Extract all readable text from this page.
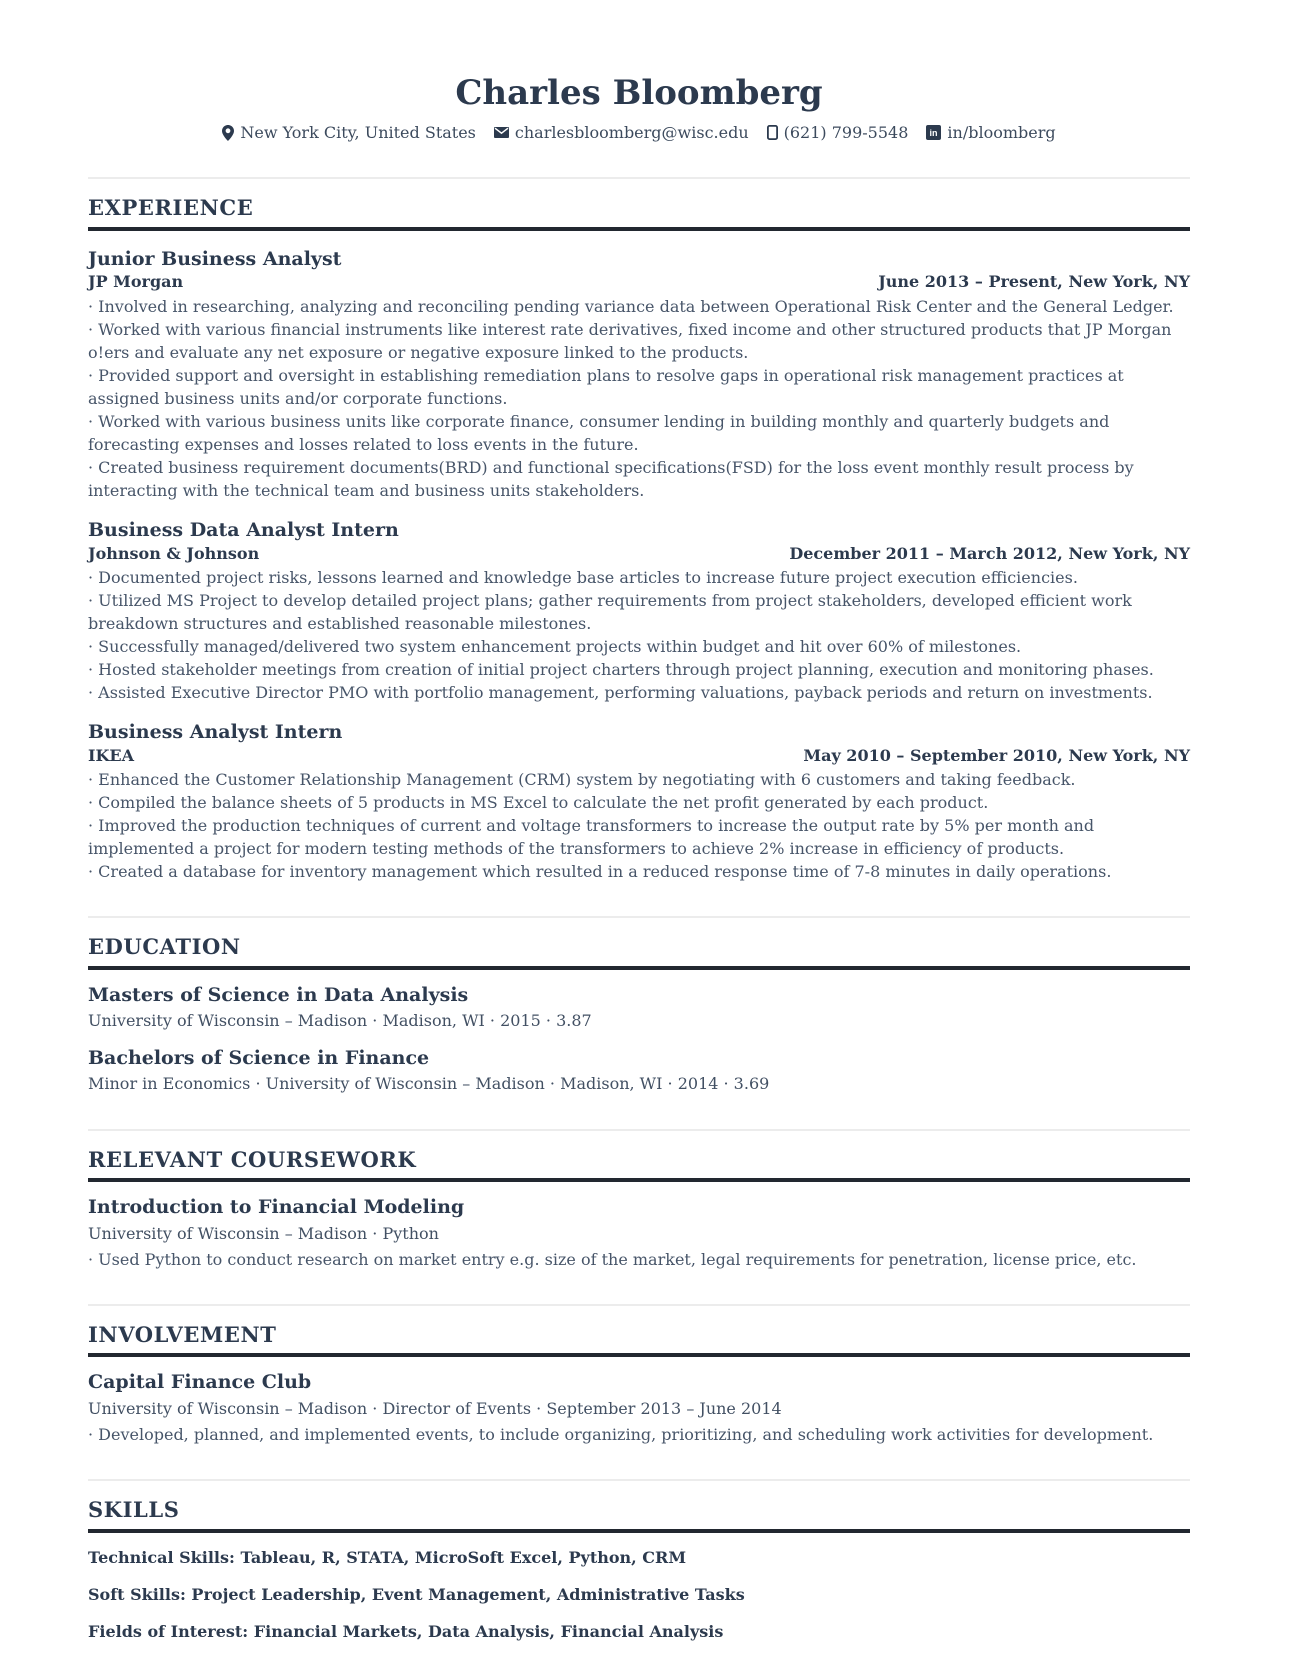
Charles Bloomberg
New York City, United States charlesbloomberg@wisc.edu (621) 799-5548 in in/bloomberg
EXPERIENCE
Junior Business Analyst
JP Morgan	June 2013 – Present, New York, NY

· Involved in researching, analyzing and reconciling pending variance data between Operational Risk Center and the General Ledger.

· Worked with various financial instruments like interest rate derivatives, fixed income and other structured products that JP Morgan o!ers and evaluate any net exposure or negative exposure linked to the products.

· Provided support and oversight in establishing remediation plans to resolve gaps in operational risk management practices at assigned business units and/or corporate functions.

· Worked with various business units like corporate finance, consumer lending in building monthly and quarterly budgets and forecasting expenses and losses related to loss events in the future.

· Created business requirement documents(BRD) and functional specifications(FSD) for the loss event monthly result process by interacting with the technical team and business units stakeholders.

Business Data Analyst Intern
Johnson & Johnson	December 2011 – March 2012, New York, NY

· Documented project risks, lessons learned and knowledge base articles to increase future project execution efficiencies.

· Utilized MS Project to develop detailed project plans; gather requirements from project stakeholders, developed efficient work breakdown structures and established reasonable milestones.

· Successfully managed/delivered two system enhancement projects within budget and hit over 60% of milestones.

· Hosted stakeholder meetings from creation of initial project charters through project planning, execution and monitoring phases.

· Assisted Executive Director PMO with portfolio management, performing valuations, payback periods and return on investments.

Business Analyst Intern
IKEA	May 2010 – September 2010, New York, NY

· Enhanced the Customer Relationship Management (CRM) system by negotiating with 6 customers and taking feedback.

· Compiled the balance sheets of 5 products in MS Excel to calculate the net profit generated by each product.

· Improved the production techniques of current and voltage transformers to increase the output rate by 5% per month and implemented a project for modern testing methods of the transformers to achieve 2% increase in efficiency of products.

· Created a database for inventory management which resulted in a reduced response time of 7-8 minutes in daily operations.

EDUCATION
Masters of Science in Data Analysis
University of Wisconsin – Madison · Madison, WI · 2015 · 3.87
Bachelors of Science in Finance
Minor in Economics · University of Wisconsin – Madison · Madison, WI · 2014 · 3.69
RELEVANT COURSEWORK
Introduction to Financial Modeling
University of Wisconsin – Madison · Python

· Used Python to conduct research on market entry e.g. size of the market, legal requirements for penetration, license price, etc.

INVOLVEMENT
Capital Finance Club
University of Wisconsin – Madison · Director of Events · September 2013 – June 2014

· Developed, planned, and implemented events, to include organizing, prioritizing, and scheduling work activities for development.

SKILLS

Technical Skills: Tableau, R, STATA, MicroSoft Excel, Python, CRM

Soft Skills: Project Leadership, Event Management, Administrative Tasks

Fields of Interest: Financial Markets, Data Analysis, Financial Analysis
